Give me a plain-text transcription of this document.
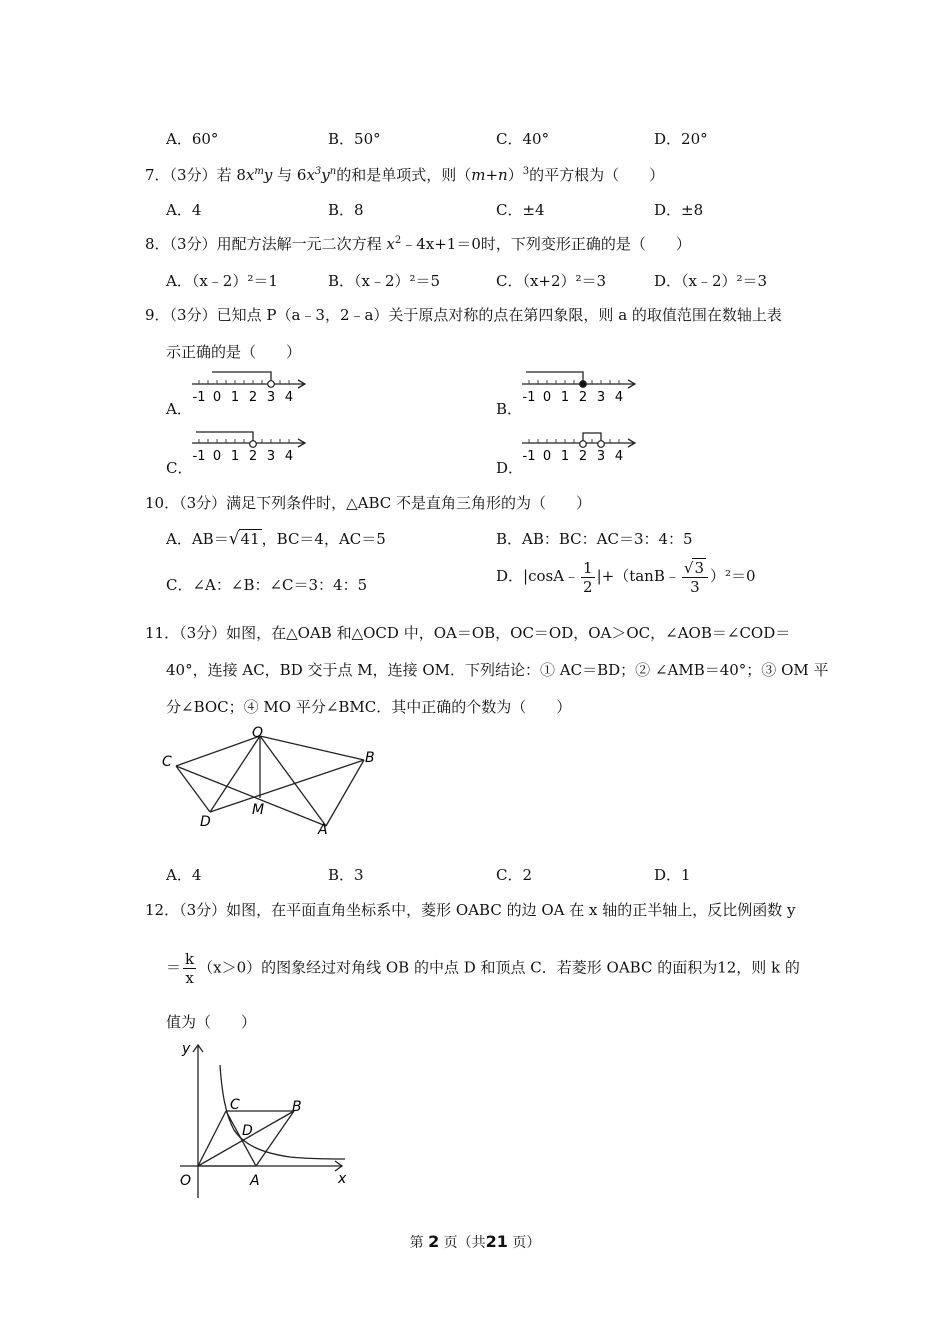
A．60°	B．50°	C．40°	D．20°
7．（3分）若 $8x^my$ 与 $6x^3y^n$的和是单项式，则$(m+n)^3$的平方根为（　　）
A．4	B．8	C．±4	D．±8
8．（3分）用配方法解一元二次方程 $x^2﹣4x+1=0$时，下列变形正确的是（　　）
A．（x﹣2）²＝1	B．（x﹣2）²＝5	C．（x+2）²＝3	D．（x﹣2）²＝3
9．（3分）已知点 P（a﹣3，2﹣a）关于原点对称的点在第四象限，则 a 的取值范围在数轴上表
示正确的是（　　）
A．	B．
C．	D．
-1 0 1 2 3 4	-1 0 1 2 3 4
-1 0 1 2 3 4	-1 0 1 2 3 4
10．（3分）满足下列条件时，△ABC 不是直角三角形的为（　　）
A．AB＝√41 ，BC＝4，AC＝5	B．AB：BC：AC＝3：4：5
C．∠A：∠B：∠C＝3：4：5	D．|cosA﹣ $\frac{1}{2}$ |+（tanB﹣ $\frac{√3}{3} )^2=0$
11．（3分）如图，在△OAB 和△OCD 中，OA＝OB，OC＝OD，OA＞OC，∠AOB＝∠COD＝
40°，连接 AC，BD 交于点 M，连接 OM．下列结论：① AC＝BD；② ∠AMB＝40°；③ OM 平
分∠BOC；④ MO 平分∠BMC．其中正确的个数为（　　）
O
C	B
D
M
A
A．4	B．3	C．2	D．1
12．（3分）如图，在平面直角坐标系中，菱形 OABC 的边 OA 在 x 轴的正半轴上，反比例函数 y
＝ $\frac{k}{x} (x>0)$的图象经过对角线 OB 的中点 D 和顶点 C．若菱形 OABC 的面积为12，则 k 的
值为（　　）
y
x
O	A
B
C
D
第 2 页（共21 页）
